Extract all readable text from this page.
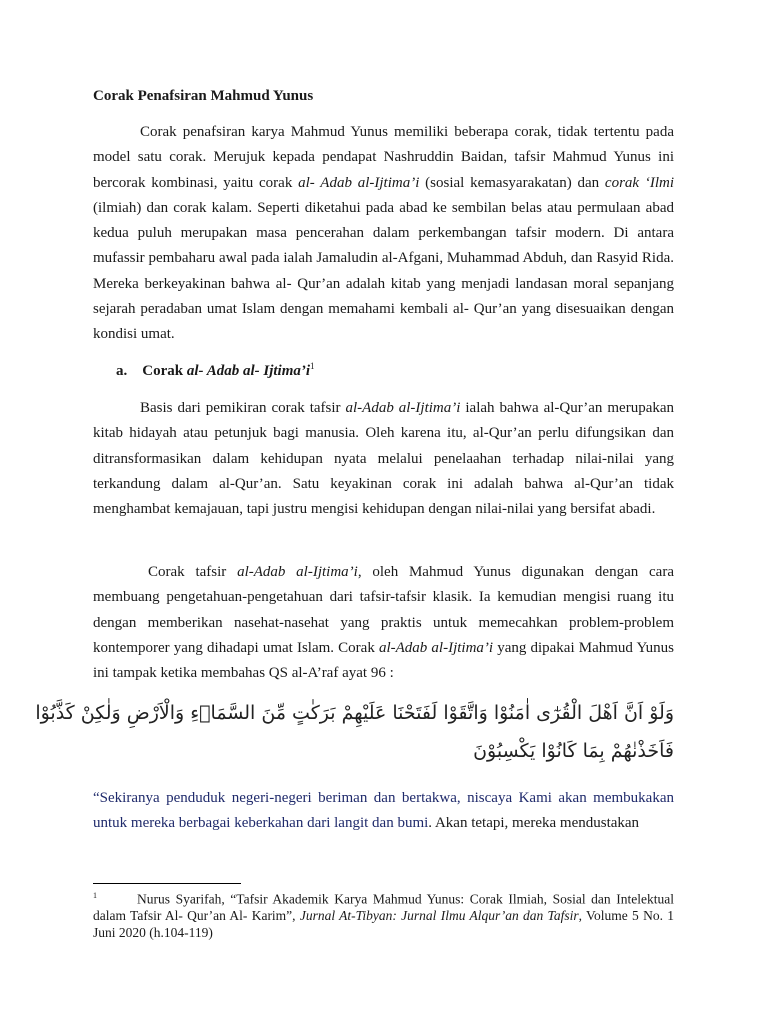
Corak Penafsiran Mahmud Yunus

Corak penafsiran karya Mahmud Yunus memiliki beberapa corak, tidak tertentu pada model satu corak. Merujuk kepada pendapat Nashruddin Baidan, tafsir Mahmud Yunus ini bercorak kombinasi, yaitu corak al- Adab al-Ijtima’i (sosial kemasyarakatan) dan corak ‘Ilmi (ilmiah) dan corak kalam. Seperti diketahui pada abad ke sembilan belas atau permulaan abad kedua puluh merupakan masa pencerahan dalam perkembangan tafsir modern. Di antara mufassir pembaharu awal pada ialah Jamaludin al-Afgani, Muhammad Abduh, dan Rasyid Rida. Mereka berkeyakinan bahwa al- Qur’an adalah kitab yang menjadi landasan moral sepanjang sejarah peradaban umat Islam dengan memahami kembali al- Qur’an yang disesuaikan dengan kondisi umat.

a. Corak al- Adab al- $Ijtima’i^1$

Basis dari pemikiran corak tafsir al-Adab al-Ijtima’i ialah bahwa al-Qur’an merupakan kitab hidayah atau petunjuk bagi manusia. Oleh karena itu, al-Qur’an perlu difungsikan dan ditransformasikan dalam kehidupan nyata melalui penelaahan terhadap nilai-nilai yang terkandung dalam al-Qur’an. Satu keyakinan corak ini adalah bahwa al-Qur’an tidak menghambat kemajauan, tapi justru mengisi kehidupan dengan nilai-nilai yang bersifat abadi.

Corak tafsir al-Adab al-Ijtima’i, oleh Mahmud Yunus digunakan dengan cara membuang pengetahuan-pengetahuan dari tafsir-tafsir klasik. Ia kemudian mengisi ruang itu dengan memberikan nasehat-nasehat yang praktis untuk memecahkan problem-problem kontemporer yang dihadapi umat Islam. Corak al-Adab al-Ijtima’i yang dipakai Mahmud Yunus ini tampak ketika membahas QS al-A’raf ayat 96 :

وَلَوْ اَنَّ اَهْلَ الْقُرٰٓى اٰمَنُوْا وَاتَّقَوْا لَفَتَحْنَا عَلَيْهِمْ بَرَكٰتٍ مِّنَ السَّمَاۤءِ وَالْاَرْضِ وَلٰكِنْ كَذَّبُوْا
فَاَخَذْنٰهُمْ بِمَا كَانُوْا يَكْسِبُوْنَ

“Sekiranya penduduk negeri-negeri beriman dan bertakwa, niscaya Kami akan membukakan untuk mereka berbagai keberkahan dari langit dan bumi. Akan tetapi, mereka mendustakan

$^1$	Nurus Syarifah, “Tafsir Akademik Karya Mahmud Yunus: Corak Ilmiah, Sosial dan Intelektual dalam Tafsir Al- Qur’an Al- Karim”, Jurnal At-Tibyan: Jurnal Ilmu Alqur’an dan Tafsir, Volume 5 No. 1 Juni 2020 (h.104-119)
